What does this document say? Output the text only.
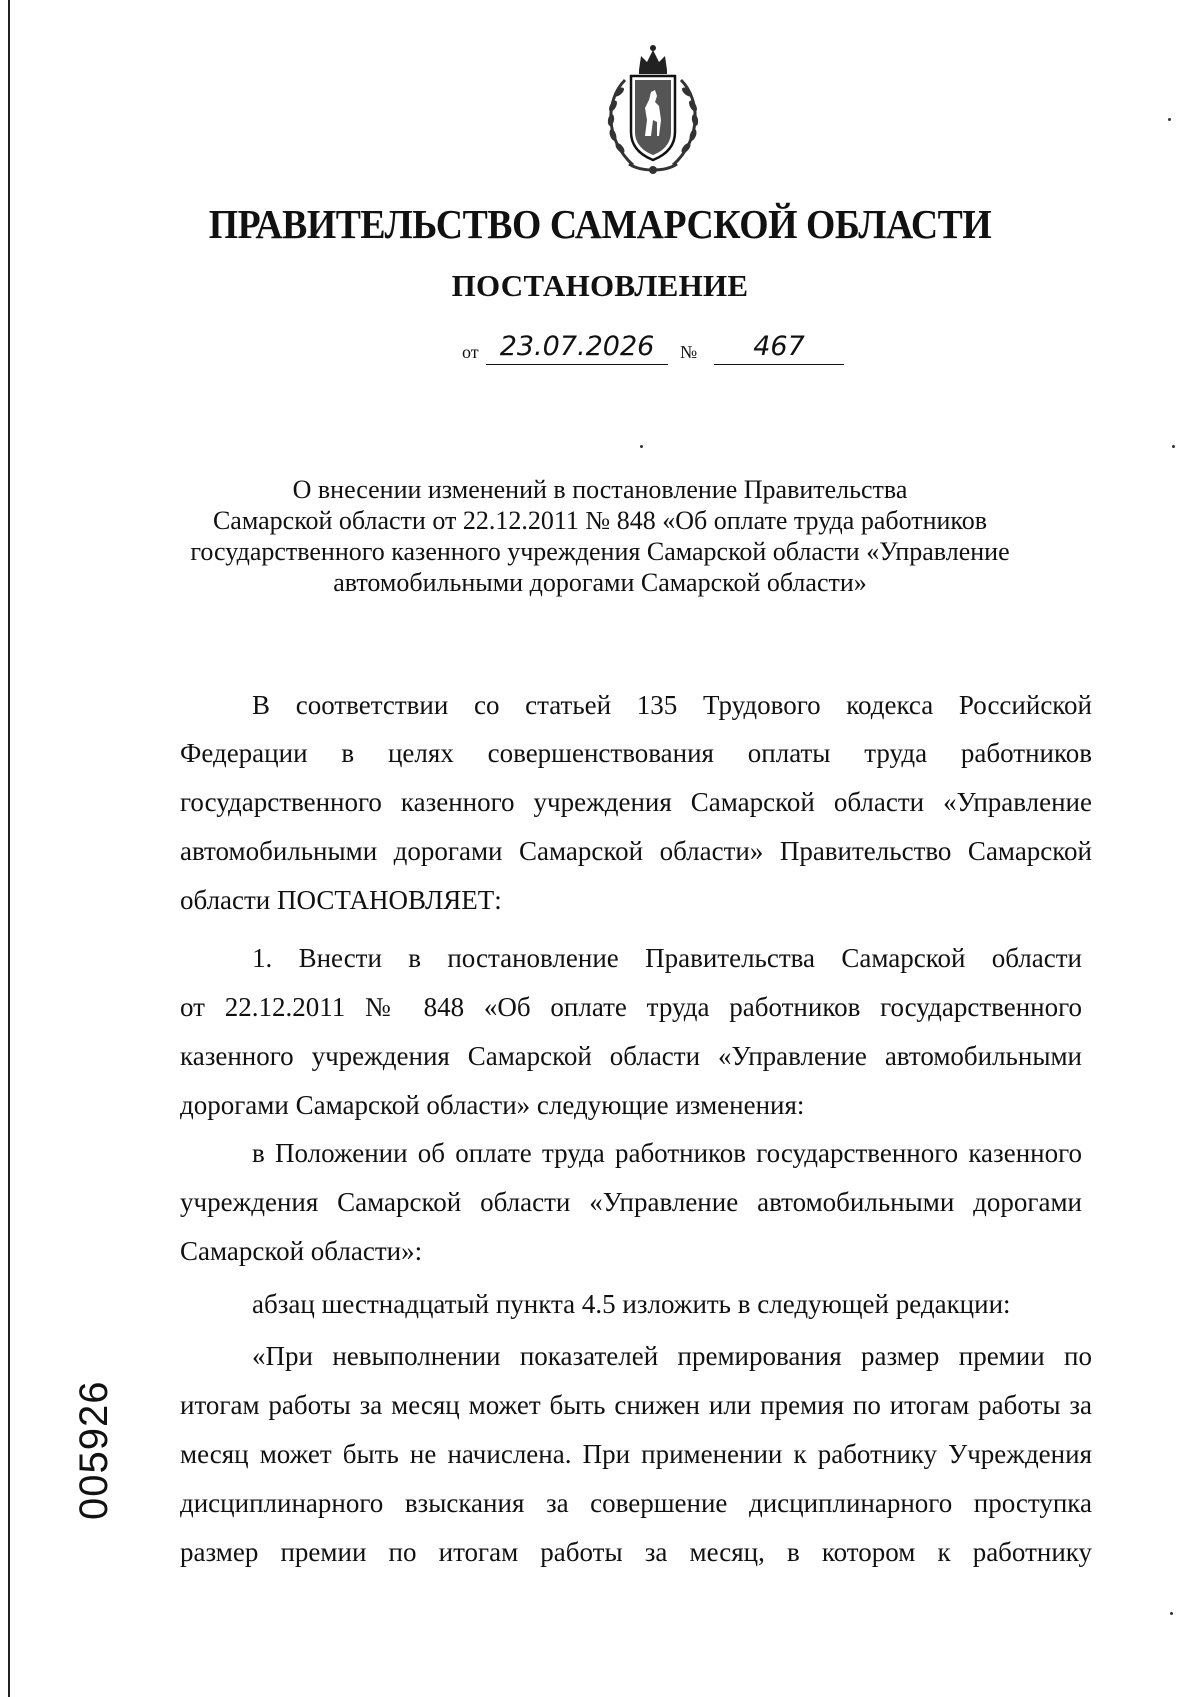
ПРАВИТЕЛЬСТВО САМАРСКОЙ ОБЛАСТИ
ПОСТАНОВЛЕНИЕ
от 23.07.2026	№	467
О внесении изменений в постановление Правительства
Самарской области от 22.12.2011 № 848 «Об оплате труда работников
государственного казенного учреждения Самарской области «Управление
автомобильными дорогами Самарской области»
В соответствии со статьей 135 Трудового кодекса Российской
Федерации в целях совершенствования оплаты труда работников
государственного казенного учреждения Самарской области «Управление
автомобильными дорогами Самарской области» Правительство Самарской
области ПОСТАНОВЛЯЕТ:
1. Внести в постановление Правительства Самарской области
от 22.12.2011 № 848 «Об оплате труда работников государственного
казенного учреждения Самарской области «Управление автомобильными
дорогами Самарской области» следующие изменения:
в Положении об оплате труда работников государственного казенного
учреждения Самарской области «Управление автомобильными дорогами
Самарской области»:
абзац шестнадцатый пункта 4.5 изложить в следующей редакции:
«При невыполнении показателей премирования размер премии по
итогам работы за месяц может быть снижен или премия по итогам работы за
месяц может быть не начислена. При применении к работнику Учреждения
дисциплинарного взыскания за совершение дисциплинарного проступка
размер премии по итогам работы за месяц, в котором к работнику
005926
